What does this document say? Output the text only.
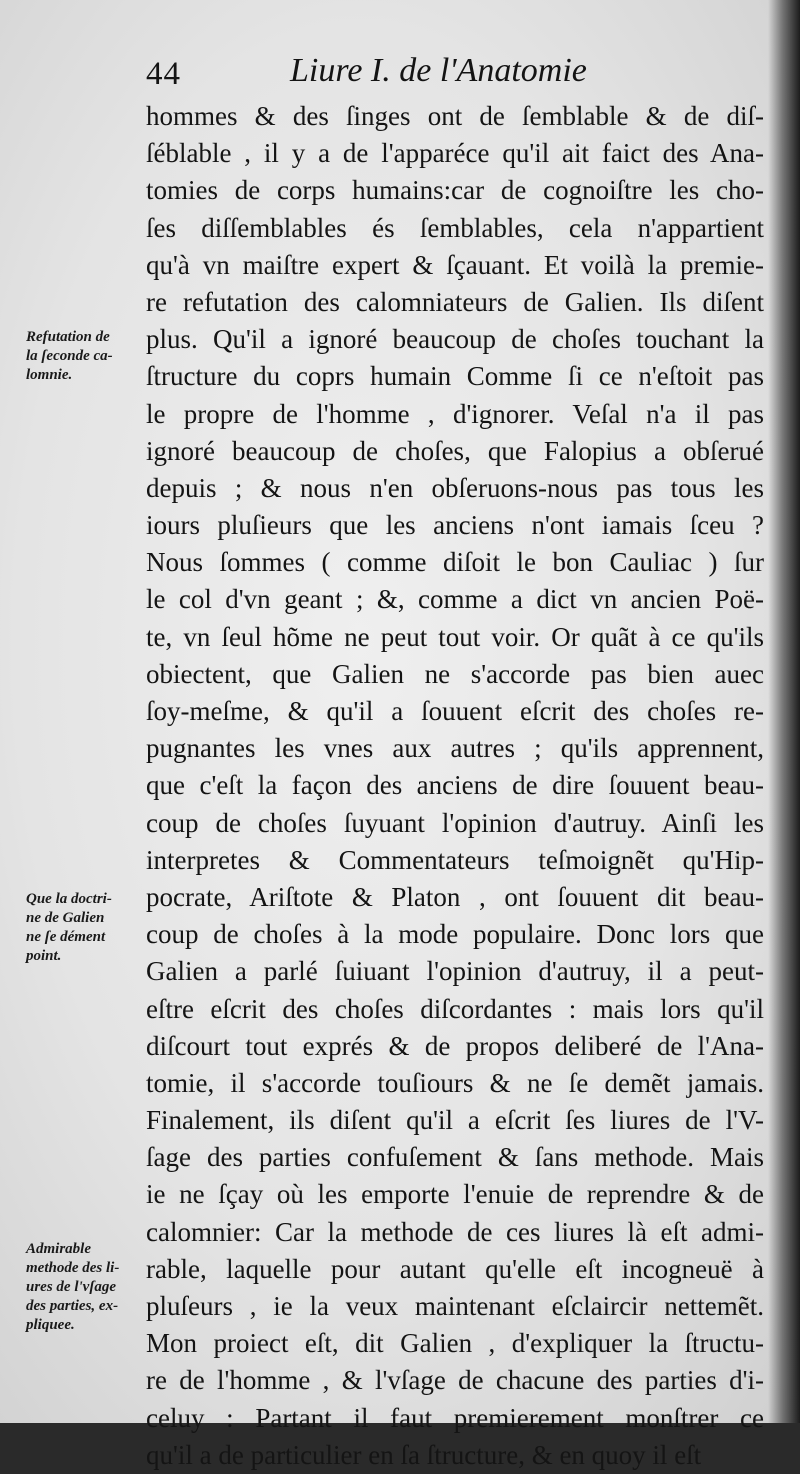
44	Liure I. de l'Anatomie
hommes & des ſinges ont de ſemblable & de diſ-
ſéblable , il y a de l'apparéce qu'il ait faict des Ana-
tomies de corps humains:car de cognoiſtre les cho-
ſes diſſemblables és ſemblables, cela n'appartient
qu'à vn maiſtre expert & ſçauant. Et voilà la premie-
re refutation des calomniateurs de Galien. Ils diſent
plus. Qu'il a ignoré beaucoup de choſes touchant la
ſtructure du coprs humain Comme ſi ce n'eſtoit pas
le propre de l'homme , d'ignorer. Veſal n'a il pas
ignoré beaucoup de choſes, que Falopius a obſerué
depuis ; & nous n'en obſeruons-nous pas tous les
iours pluſieurs que les anciens n'ont iamais ſceu ?
Nous ſommes ( comme diſoit le bon Cauliac ) ſur
le col d'vn geant ; &, comme a dict vn ancien Poë-
te, vn ſeul hõme ne peut tout voir. Or quãt à ce qu'ils
obiectent, que Galien ne s'accorde pas bien auec
ſoy-meſme, & qu'il a ſouuent eſcrit des choſes re-
pugnantes les vnes aux autres ; qu'ils apprennent,
que c'eſt la façon des anciens de dire ſouuent beau-
coup de choſes ſuyuant l'opinion d'autruy. Ainſi les
interpretes & Commentateurs teſmoignẽt qu'Hip-
pocrate, Ariſtote & Platon , ont ſouuent dit beau-
coup de choſes à la mode populaire. Donc lors que
Galien a parlé ſuiuant l'opinion d'autruy, il a peut-
eſtre eſcrit des choſes diſcordantes : mais lors qu'il
diſcourt tout exprés & de propos deliberé de l'Ana-
tomie, il s'accorde touſiours & ne ſe demẽt jamais.
Finalement, ils diſent qu'il a eſcrit ſes liures de l'V-
ſage des parties confuſement & ſans methode. Mais
ie ne ſçay où les emporte l'enuie de reprendre & de
calomnier: Car la methode de ces liures là eſt admi-
rable, laquelle pour autant qu'elle eſt incogneuë à
pluſeurs , ie la veux maintenant eſclaircir nettemẽt.
Mon proiect eſt, dit Galien , d'expliquer la ſtructu-
re de l'homme , & l'vſage de chacune des parties d'i-
celuy : Partant il faut premierement monſtrer ce
qu'il a de particulier en ſa ſtructure, & en quoy il eſt
Refutation de
la ſeconde ca-
lomnie.
Que la doctri-
ne de Galien
ne ſe dément
point.
Admirable
methode des li-
ures de l'vſage
des parties, ex-
pliquee.
